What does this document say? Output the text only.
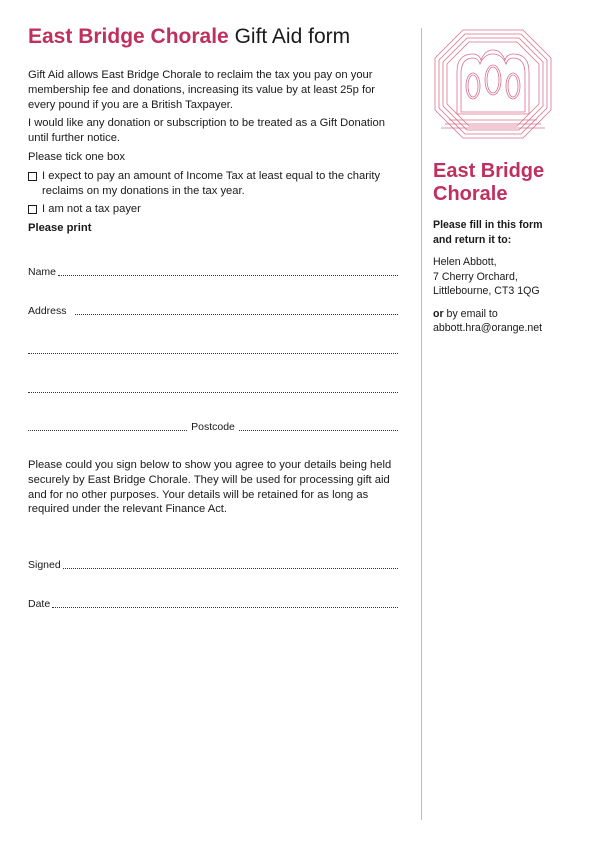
East Bridge Chorale Gift Aid form

Gift Aid allows East Bridge Chorale to reclaim the tax you pay on your membership fee and donations, increasing its value by at least 25p for every pound if you are a British Taxpayer.

I would like any donation or subscription to be treated as a Gift Donation until further notice.

Please tick one box

I expect to pay an amount of Income Tax at least equal to the charity reclaims on my donations in the tax year.
I am not a tax payer

Please print

Name
Address
Postcode
Please could you sign below to show you agree to your details being held securely by East Bridge Chorale. They will be used for processing gift aid and for no other purposes. Your details will be retained for as long as required under the relevant Finance Act.
Signed
Date
East Bridge
Chorale

Please fill in this form and return it to:

Helen Abbott,
7 Cherry Orchard,
Littlebourne, CT3 1QG

or by email to
abbott.hra@orange.net
